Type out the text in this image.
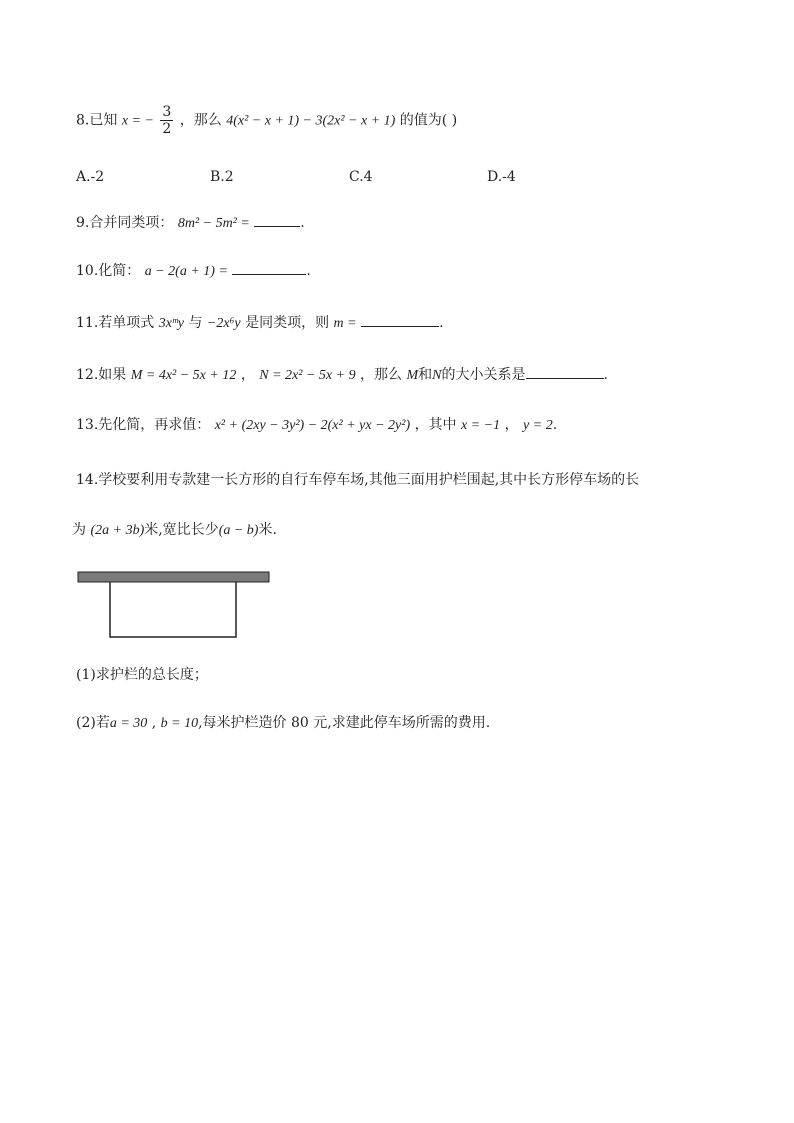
8.已知 x = − $\frac{3}{2}$ ，那么 4(x² − x + 1) − 3(2x² − x + 1) 的值为( )
A.-2	B.2	C.4	D.-4
9.合并同类项： 8m² − 5m² =	.
10.化简： a − 2(a + 1) =	.
11.若单项式 3xᵐy 与 −2x⁶y 是同类项，则 m =	.
12.如果 M = 4x² − 5x + 12 ， N = 2x² − 5x + 9 ，那么 M和N的大小关系是	.
13.先化简，再求值： x² + (2xy − 3y²) − 2(x² + yx − 2y²) ，其中 x = −1 ， y = 2.
14.学校要利用专款建一长方形的自行车停车场,其他三面用护栏围起,其中长方形停车场的长
为 (2a + 3b)米,宽比长少(a − b)米.
(1)求护栏的总长度；
(2)若a = 30 , b = 10,每米护栏造价 80 元,求建此停车场所需的费用.
